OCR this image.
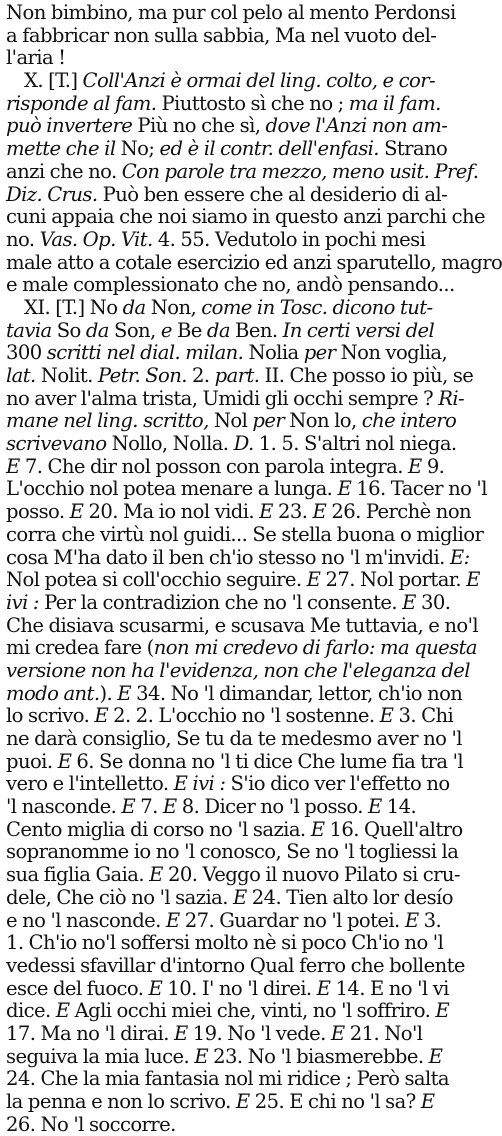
Non bimbino, ma pur col pelo al mento Perdonsi
a fabbricar non sulla sabbia, Ma nel vuoto del-
l'aria !
X. [T.] Coll'Anzi è ormai del ling. colto, e cor-
risponde al fam. Piuttosto sì che no ; ma il fam.
può invertere Più no che sì, dove l'Anzi non am-
mette che il No; ed è il contr. dell'enfasi. Strano
anzi che no. Con parole tra mezzo, meno usit. Pref.
Diz. Crus. Può ben essere che al desiderio di al-
cuni appaia che noi siamo in questo anzi parchi che
no. Vas. Op. Vit. 4. 55. Vedutolo in pochi mesi
male atto a cotale esercizio ed anzi sparutello, magro
e male complessionato che no, andò pensando...
XI. [T.] No da Non, come in Tosc. dicono tut-
tavia So da Son, e Be da Ben. In certi versi del
300 scritti nel dial. milan. Nolia per Non voglia,
lat. Nolit. Petr. Son. 2. part. II. Che posso io più, se
no aver l'alma trista, Umidi gli occhi sempre ? Ri-
mane nel ling. scritto, Nol per Non lo, che intero
scrivevano Nollo, Nolla. D. 1. 5. S'altri nol niega.
E 7. Che dir nol posson con parola integra. E 9.
L'occhio nol potea menare a lunga. E 16. Tacer no 'l
posso. E 20. Ma io nol vidi. E 23. E 26. Perchè non
corra che virtù nol guidi... Se stella buona o miglior
cosa M'ha dato il ben ch'io stesso no 'l m'invidi. E:
Nol potea si coll'occhio seguire. E 27. Nol portar. E
ivi : Per la contradizion che no 'l consente. E 30.
Che disiava scusarmi, e scusava Me tuttavia, e no'l
mi credea fare (non mi credevo di farlo: ma questa
versione non ha l'evidenza, non che l'eleganza del
modo ant.). E 34. No 'l dimandar, lettor, ch'io non
lo scrivo. E 2. 2. L'occhio no 'l sostenne. E 3. Chi
ne darà consiglio, Se tu da te medesmo aver no 'l
puoi. E 6. Se donna no 'l ti dice Che lume fia tra 'l
vero e l'intelletto. E ivi : S'io dico ver l'effetto no
'l nasconde. E 7. E 8. Dicer no 'l posso. E 14.
Cento miglia di corso no 'l sazia. E 16. Quell'altro
sopranomme io no 'l conosco, Se no 'l togliessi la
sua figlia Gaia. E 20. Veggo il nuovo Pilato si cru-
dele, Che ciò no 'l sazia. E 24. Tien alto lor desío
e no 'l nasconde. E 27. Guardar no 'l potei. E 3.
1. Ch'io no'l soffersi molto nè si poco Ch'io no 'l
vedessi sfavillar d'intorno Qual ferro che bollente
esce del fuoco. E 10. I' no 'l direi. E 14. E no 'l vi
dice. E Agli occhi miei che, vinti, no 'l soffriro. E
17. Ma no 'l dirai. E 19. No 'l vede. E 21. No'l
seguiva la mia luce. E 23. No 'l biasmerebbe. E
24. Che la mia fantasia nol mi ridice ; Però salta
la penna e non lo scrivo. E 25. E chi no 'l sa? E
26. No 'l soccorre.
